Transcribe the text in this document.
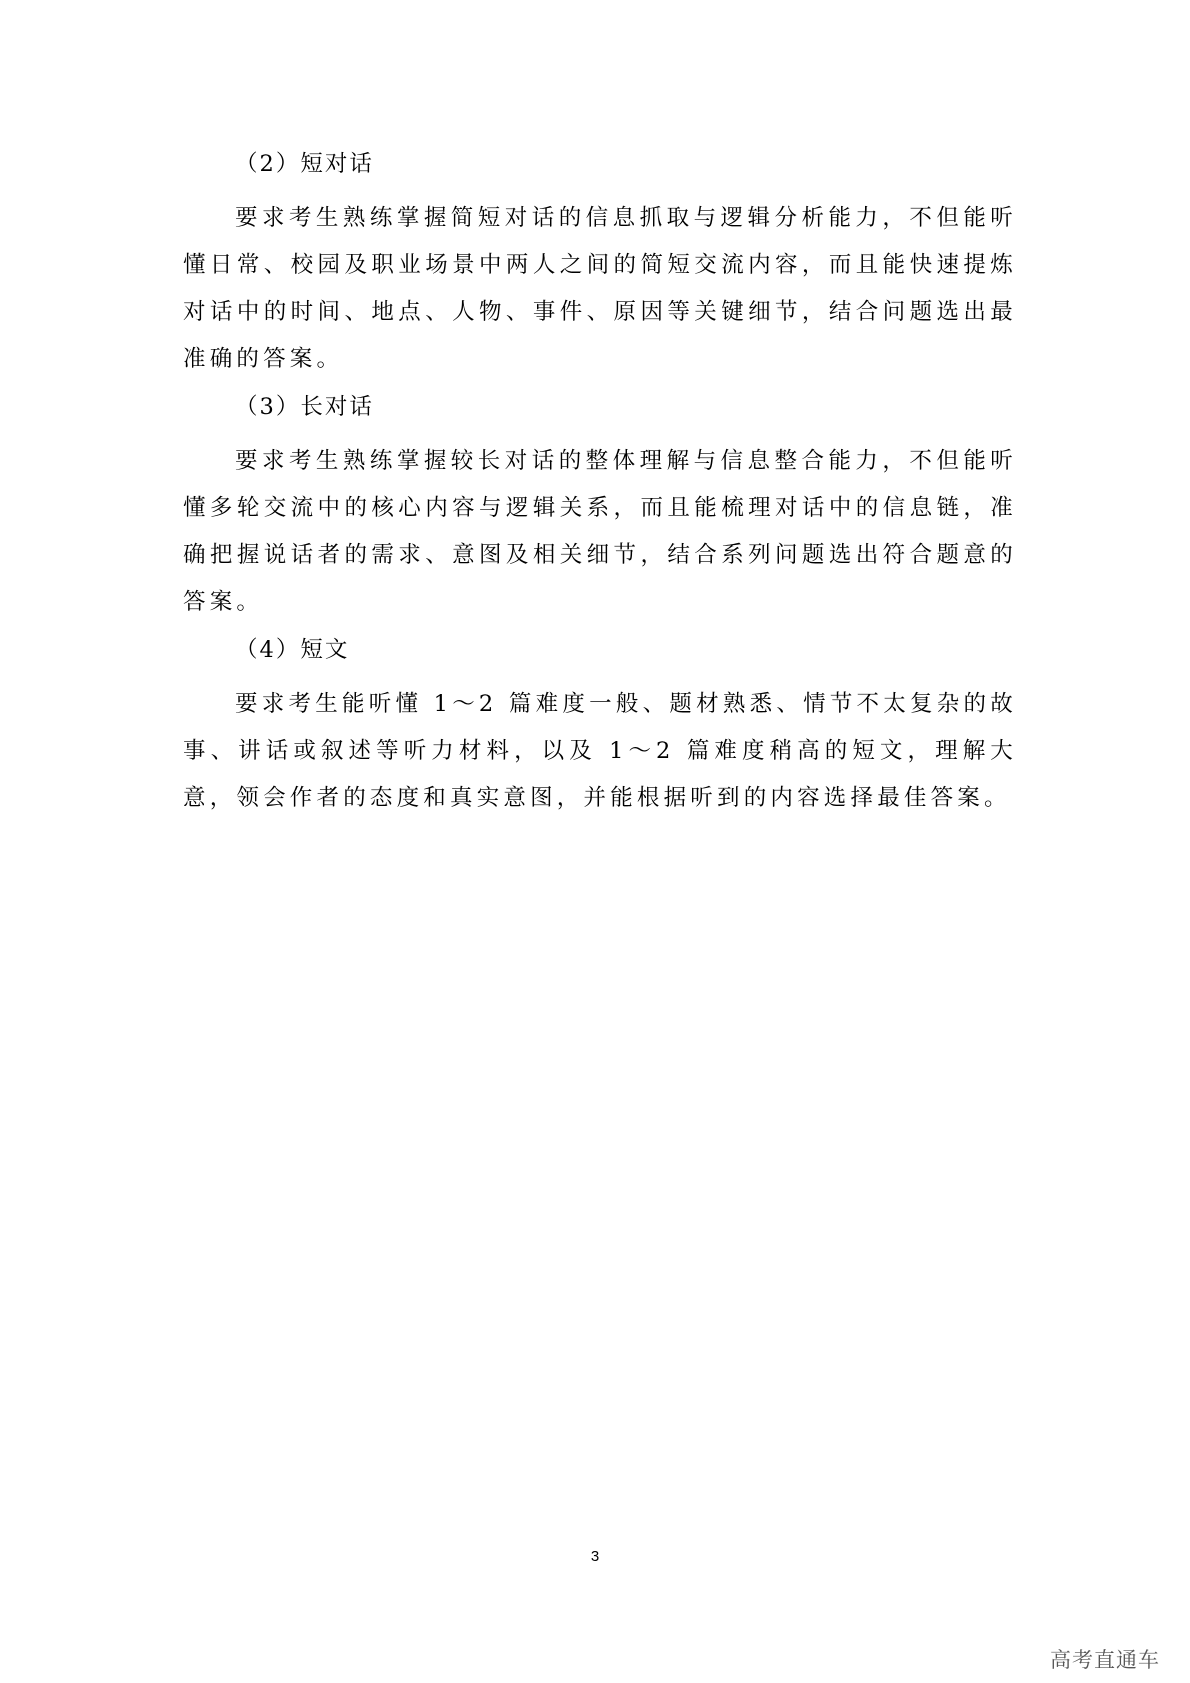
（2）短对话

要求考生熟练掌握简短对话的信息抓取与逻辑分析能力，不但能听懂日常、校园及职业场景中两人之间的简短交流内容，而且能快速提炼对话中的时间、地点、人物、事件、原因等关键细节，结合问题选出最准确的答案。

（3）长对话

要求考生熟练掌握较长对话的整体理解与信息整合能力，不但能听懂多轮交流中的核心内容与逻辑关系，而且能梳理对话中的信息链，准确把握说话者的需求、意图及相关细节，结合系列问题选出符合题意的答案。

（4）短文

要求考生能听懂 1～2 篇难度一般、题材熟悉、情节不太复杂的故事、讲话或叙述等听力材料，以及 1～2 篇难度稍高的短文，理解大意，领会作者的态度和真实意图，并能根据听到的内容选择最佳答案。

3
高考直通车
